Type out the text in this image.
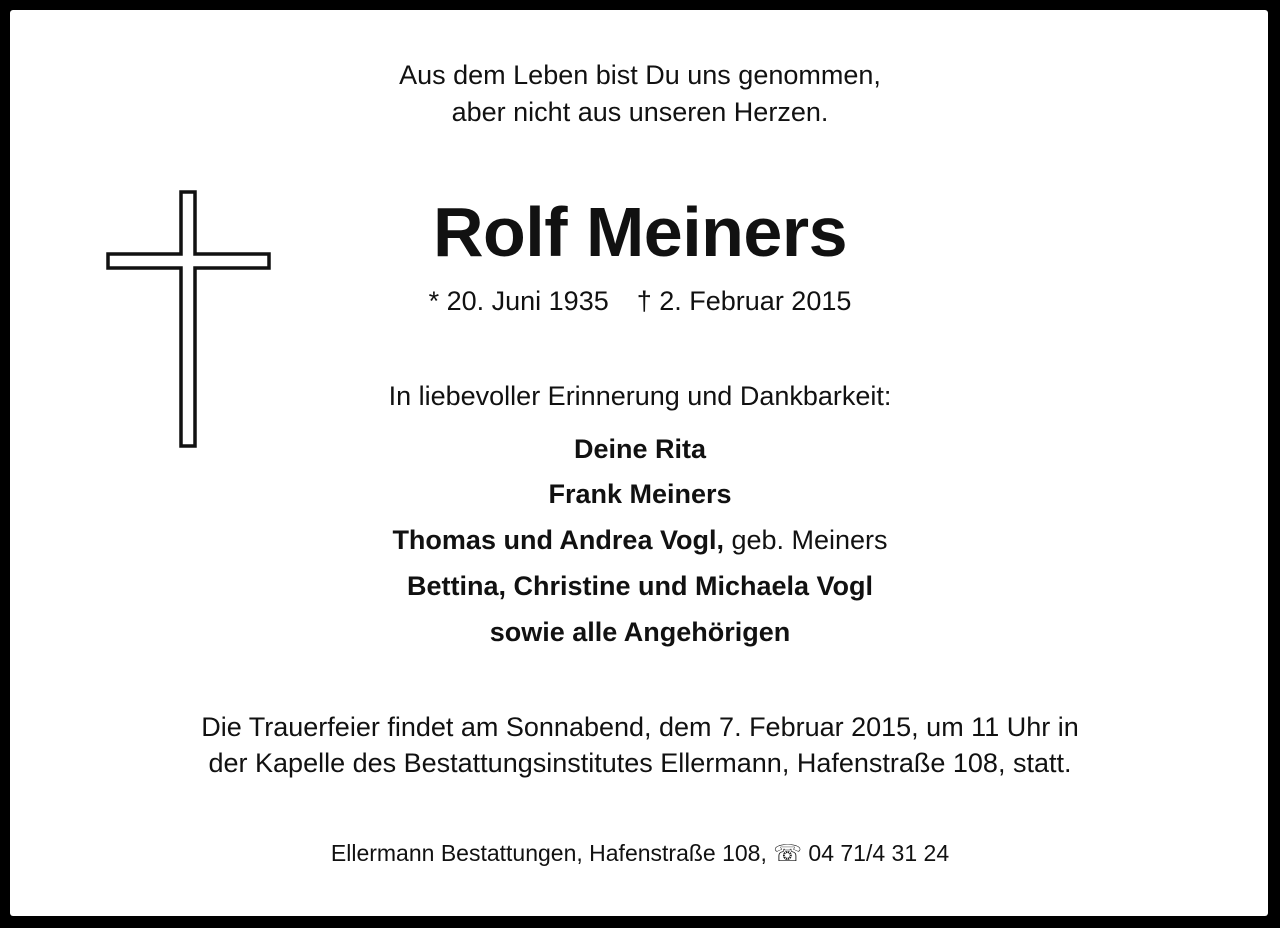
Aus dem Leben bist Du uns genommen,
aber nicht aus unseren Herzen.
Rolf Meiners
* 20. Juni 1935 † 2. Februar 2015
In liebevoller Erinnerung und Dankbarkeit:
Deine Rita
Frank Meiners
Thomas und Andrea Vogl, geb. Meiners
Bettina, Christine und Michaela Vogl
sowie alle Angehörigen
Die Trauerfeier findet am Sonnabend, dem 7. Februar 2015, um 11 Uhr in
der Kapelle des Bestattungsinstitutes Ellermann, Hafenstraße 108, statt.
Ellermann Bestattungen, Hafenstraße 108, ☏ 04 71/4 31 24
